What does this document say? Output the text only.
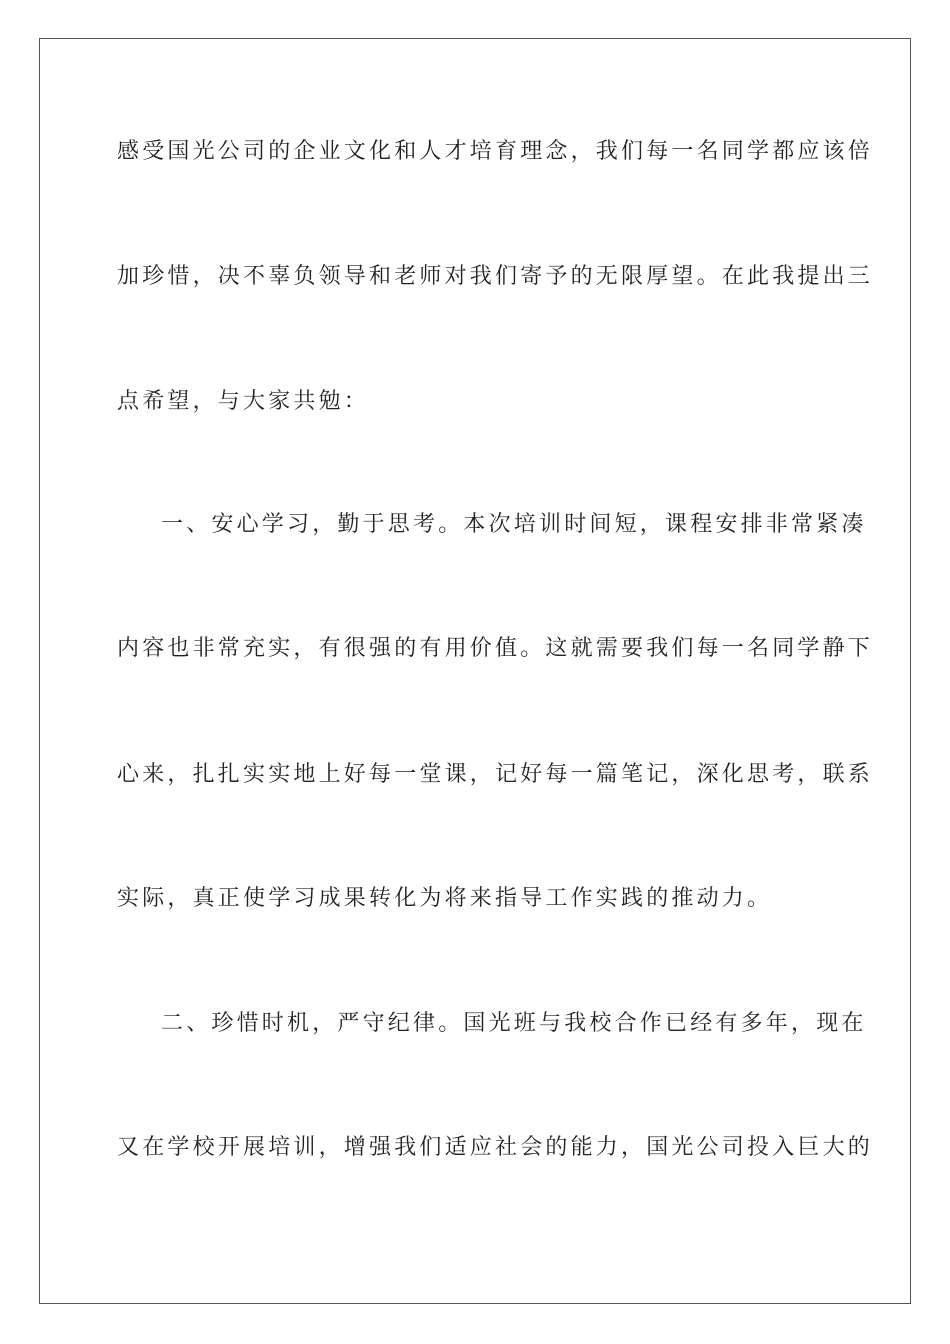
感受国光公司的企业文化和人才培育理念，我们每一名同学都应该倍
加珍惜，决不辜负领导和老师对我们寄予的无限厚望。在此我提出三
点希望，与大家共勉：
一、安心学习，勤于思考。本次培训时间短，课程安排非常紧凑
内容也非常充实，有很强的有用价值。这就需要我们每一名同学静下
心来，扎扎实实地上好每一堂课，记好每一篇笔记，深化思考，联系
实际，真正使学习成果转化为将来指导工作实践的推动力。
二、珍惜时机，严守纪律。国光班与我校合作已经有多年，现在
又在学校开展培训，增强我们适应社会的能力，国光公司投入巨大的
